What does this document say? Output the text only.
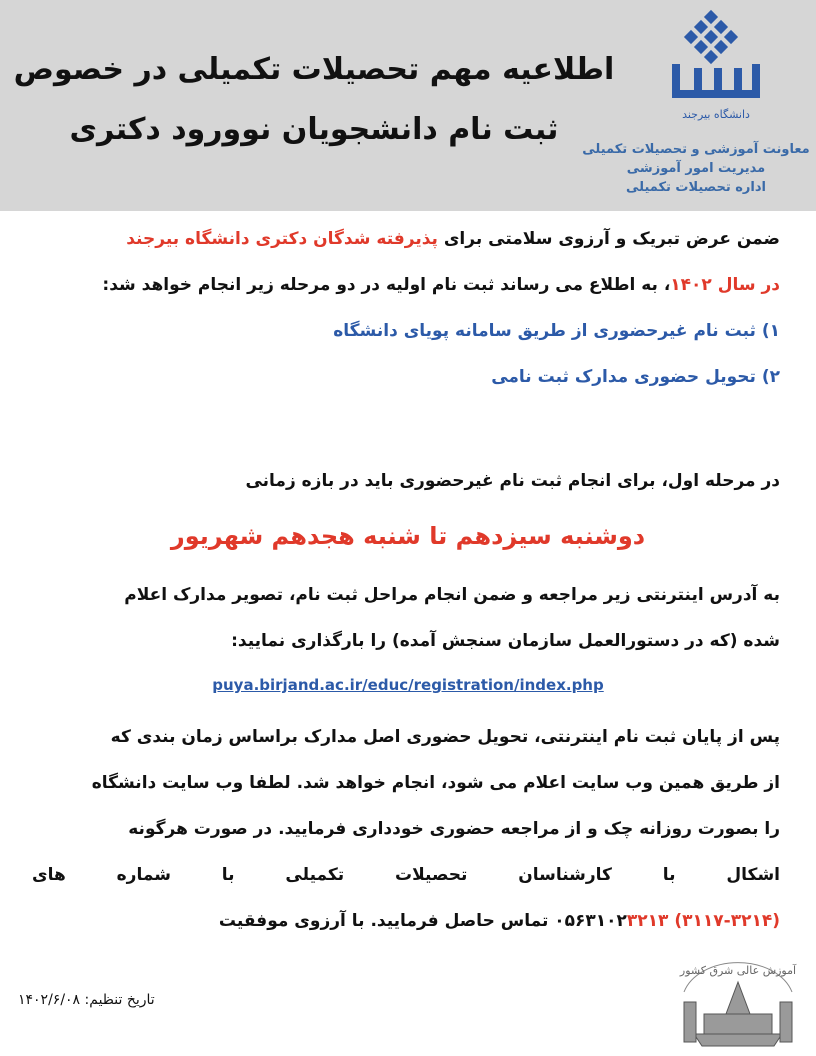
اطلاعیه مهم تحصیلات تکمیلی در خصوص
ثبت نام دانشجویان نوورود دکتری	دانشگاه بیرجند
معاونت آموزشی و تحصیلات تکمیلی
مدیریت امور آموزشی
اداره تحصیلات تکمیلی

ضمن عرض تبریک و آرزوی سلامتی برای پذیرفته شدگان دکتری دانشگاه بیرجند

در سال ۱۴۰۲، به اطلاع می رساند ثبت نام اولیه در دو مرحله زیر انجام خواهد شد:

۱) ثبت نام غیرحضوری از طریق سامانه پویای دانشگاه

۲) تحویل حضوری مدارک ثبت نامی

در مرحله اول، برای انجام ثبت نام غیرحضوری باید در بازه زمانی

دوشنبه سیزدهم تا شنبه هجدهم شهریور

به آدرس اینترنتی زیر مراجعه و ضمن انجام مراحل ثبت نام، تصویر مدارک اعلام

شده (که در دستورالعمل سازمان سنجش آمده) را بارگذاری نمایید:

puya.birjand.ac.ir/educ/registration/index.php

پس از پایان ثبت نام اینترنتی، تحویل حضوری اصل مدارک براساس زمان بندی که

از طریق همین وب سایت اعلام می شود، انجام خواهد شد. لطفا وب سایت دانشگاه

را بصورت روزانه چک و از مراجعه حضوری خودداری فرمایید. در صورت هرگونه

اشکال با کارشناسان تحصیلات تکمیلی با شماره های

(۳۱۱۷-۳۲۱۴) ۰۵۶۳۱۰۲۳۲۱۳ تماس حاصل فرمایید. با آرزوی موفقیت

تاریخ تنظیم: ۱۴۰۲/۶/۰۸
آموزش عالی شرق کشور
